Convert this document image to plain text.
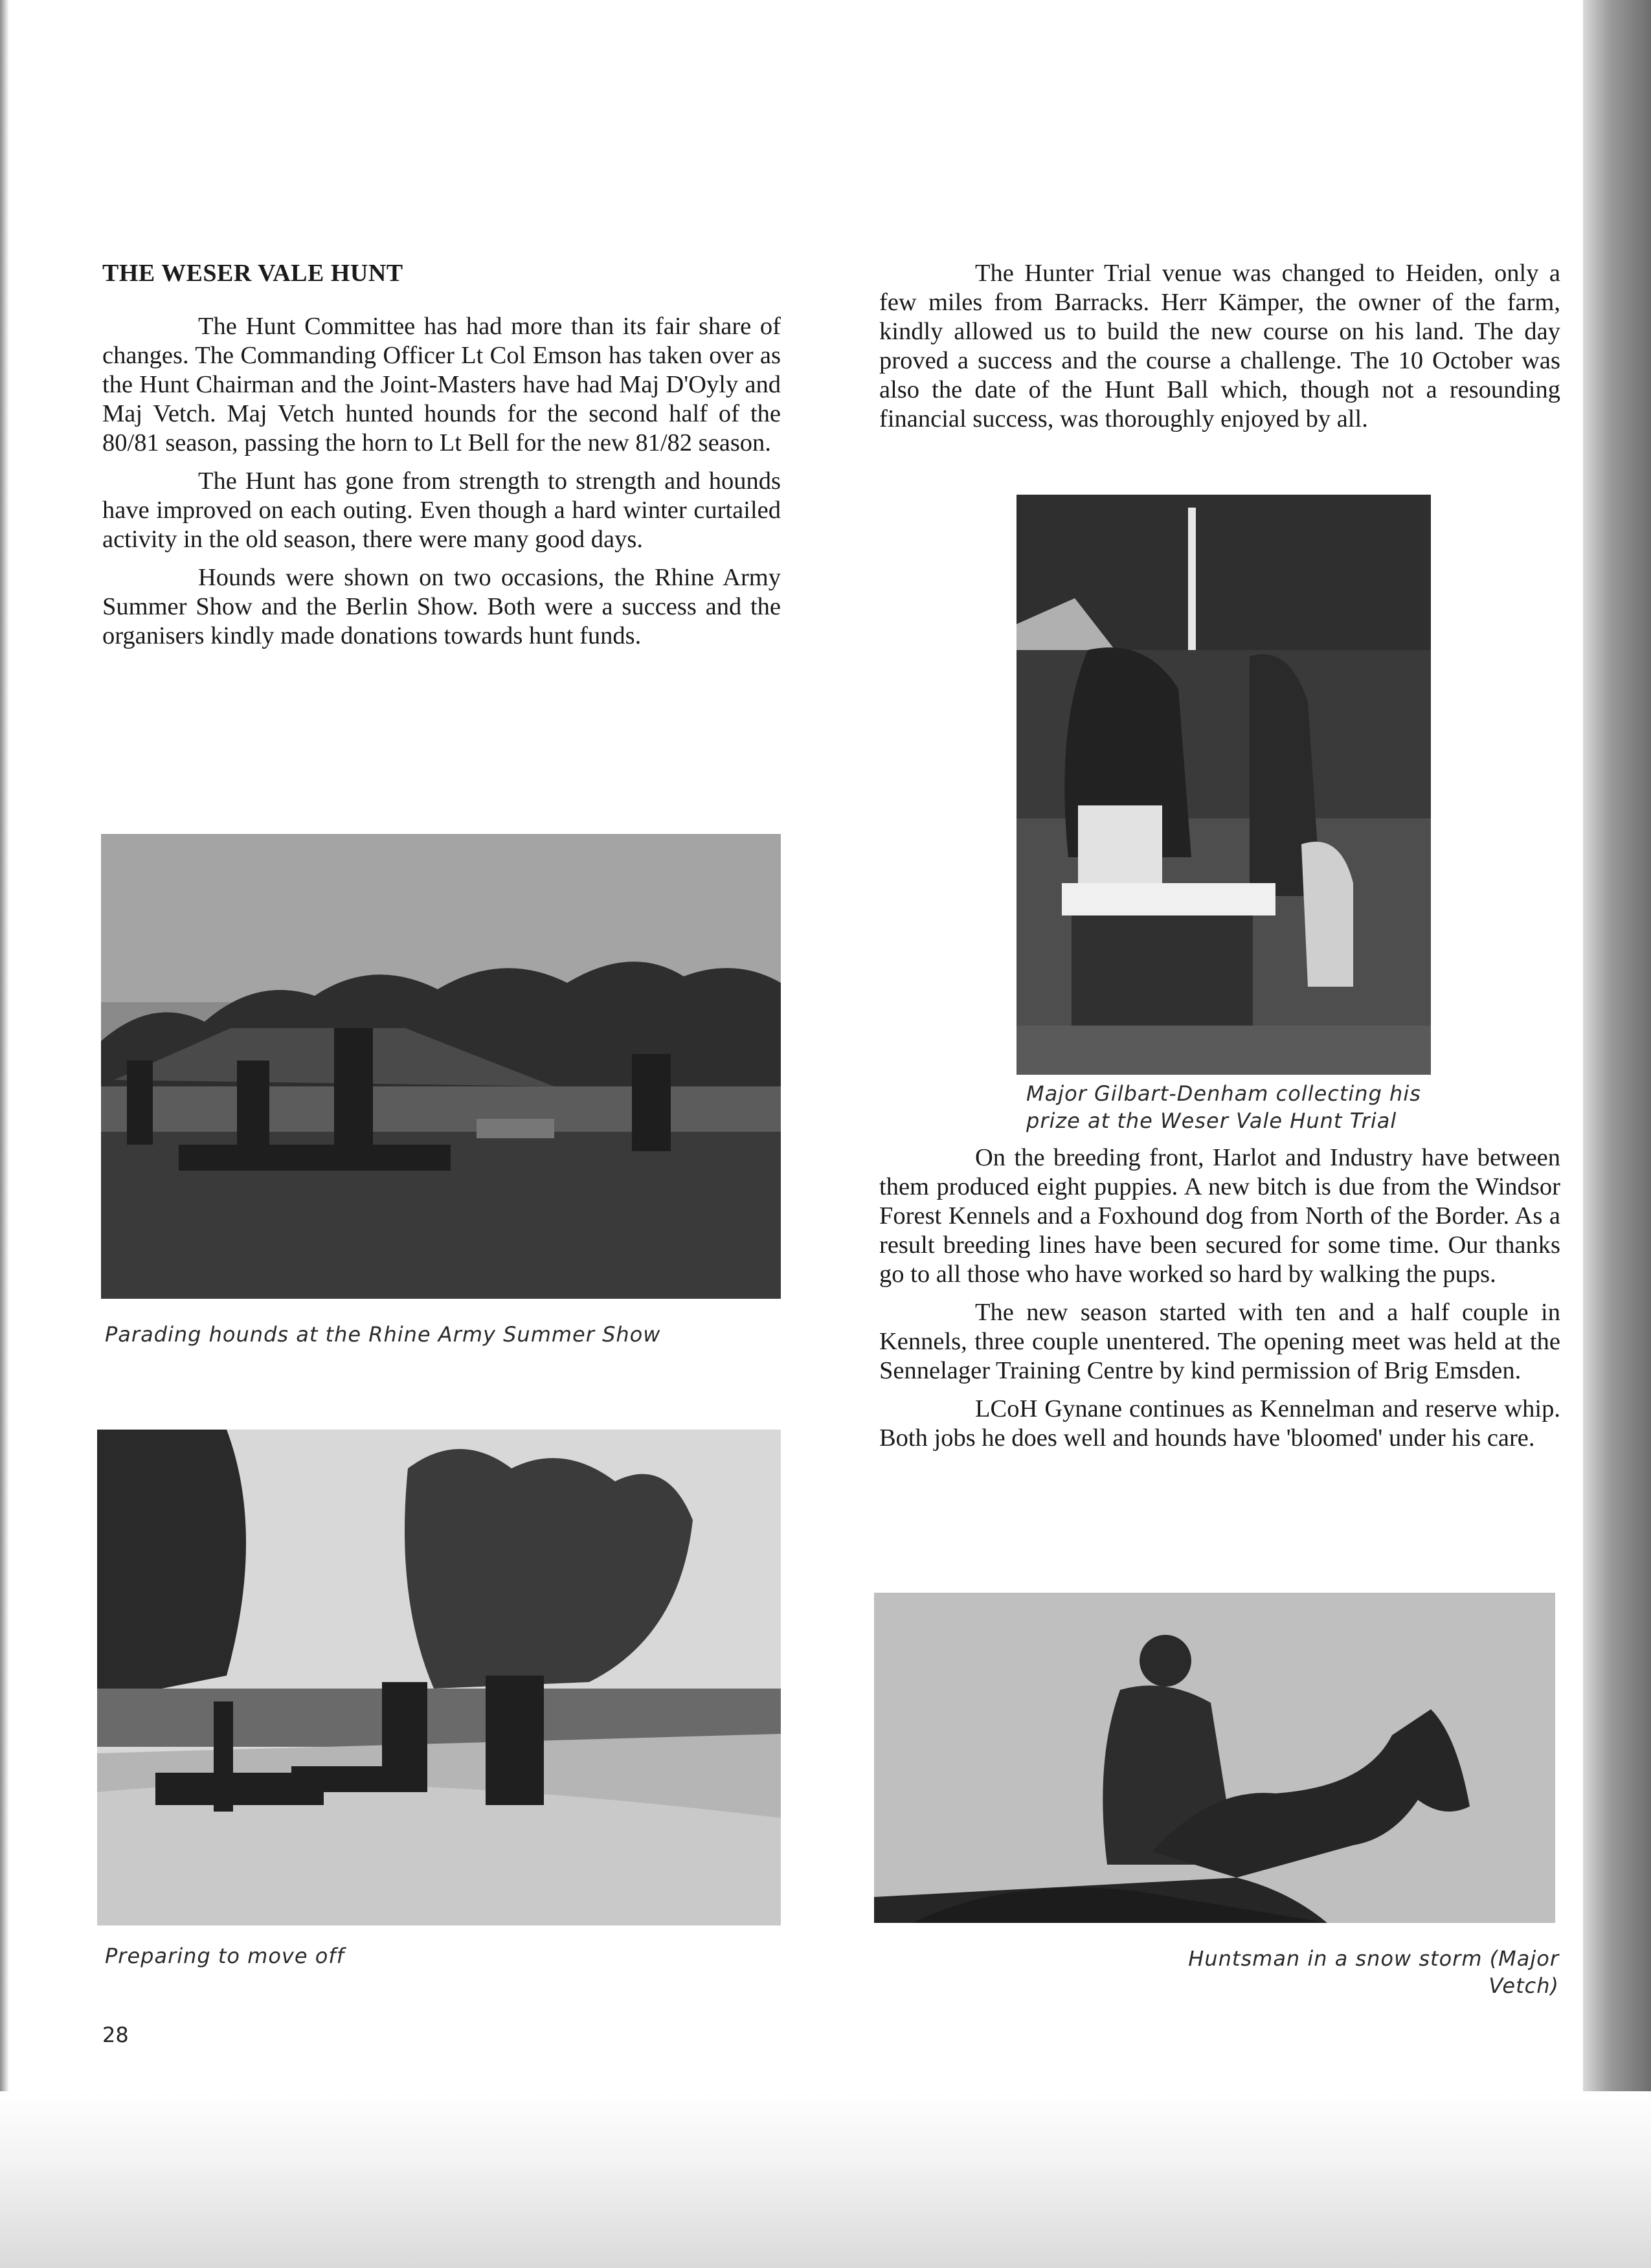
THE WESER VALE HUNT

The Hunt Committee has had more than its fair share of changes. The Commanding Officer Lt Col Emson has taken over as the Hunt Chairman and the Joint-Masters have had Maj D'Oyly and Maj Vetch. Maj Vetch hunted hounds for the second half of the 80/81 season, passing the horn to Lt Bell for the new 81/82 season.

The Hunt has gone from strength to strength and hounds have improved on each outing. Even though a hard winter curtailed activity in the old season, there were many good days.

Hounds were shown on two occasions, the Rhine Army Summer Show and the Berlin Show. Both were a success and the organisers kindly made donations towards hunt funds.

Parading hounds at the Rhine Army Summer Show
Preparing to move off

The Hunter Trial venue was changed to Heiden, only a few miles from Barracks. Herr Kämper, the owner of the farm, kindly allowed us to build the new course on his land. The day proved a success and the course a challenge. The 10 October was also the date of the Hunt Ball which, though not a resounding financial success, was thoroughly enjoyed by all.

Major Gilbart-Denham collecting his prize at the Weser Vale Hunt Trial

On the breeding front, Harlot and Industry have between them produced eight puppies. A new bitch is due from the Windsor Forest Kennels and a Foxhound dog from North of the Border. As a result breeding lines have been secured for some time. Our thanks go to all those who have worked so hard by walking the pups.

The new season started with ten and a half couple in Kennels, three couple unentered. The opening meet was held at the Sennelager Training Centre by kind permission of Brig Emsden.

LCoH Gynane continues as Kennelman and reserve whip. Both jobs he does well and hounds have 'bloomed' under his care.

Huntsman in a snow storm (Major Vetch)
28
